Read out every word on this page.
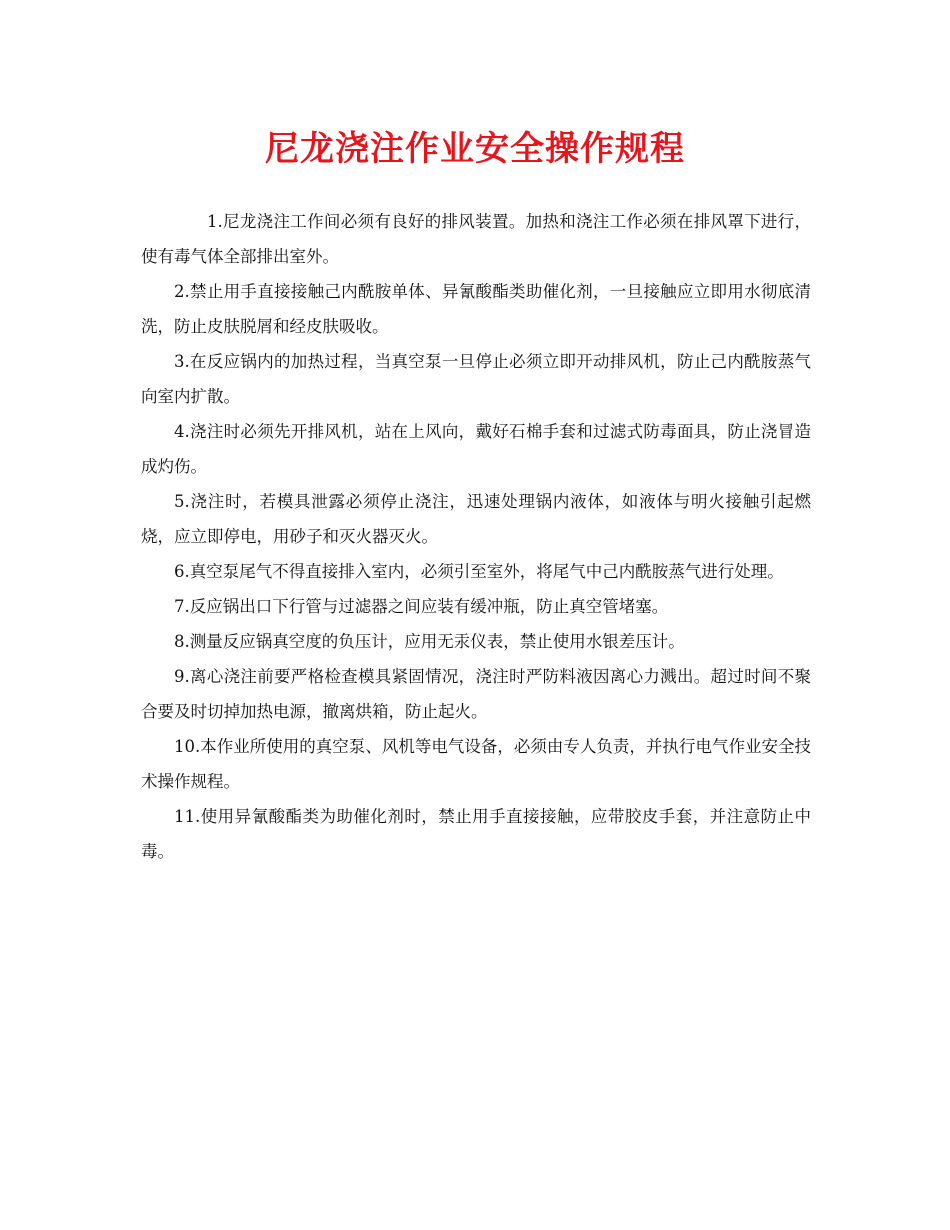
尼龙浇注作业安全操作规程

1.尼龙浇注工作间必须有良好的排风装置。加热和浇注工作必须在排风罩下进行，使有毒气体全部排出室外。

2.禁止用手直接接触己内酰胺单体、异氰酸酯类助催化剂，一旦接触应立即用水彻底清洗，防止皮肤脱屑和经皮肤吸收。

3.在反应锅内的加热过程，当真空泵一旦停止必须立即开动排风机，防止己内酰胺蒸气向室内扩散。

4.浇注时必须先开排风机，站在上风向，戴好石棉手套和过滤式防毒面具，防止浇冒造成灼伤。

5.浇注时，若模具泄露必须停止浇注，迅速处理锅内液体，如液体与明火接触引起燃烧，应立即停电，用砂子和灭火器灭火。

6.真空泵尾气不得直接排入室内，必须引至室外，将尾气中己内酰胺蒸气进行处理。

7.反应锅出口下行管与过滤器之间应装有缓冲瓶，防止真空管堵塞。

8.测量反应锅真空度的负压计，应用无汞仪表，禁止使用水银差压计。

9.离心浇注前要严格检查模具紧固情况，浇注时严防料液因离心力溅出。超过时间不聚合要及时切掉加热电源，撤离烘箱，防止起火。

10.本作业所使用的真空泵、风机等电气设备，必须由专人负责，并执行电气作业安全技术操作规程。

11.使用异氰酸酯类为助催化剂时，禁止用手直接接触，应带胶皮手套，并注意防止中毒。
